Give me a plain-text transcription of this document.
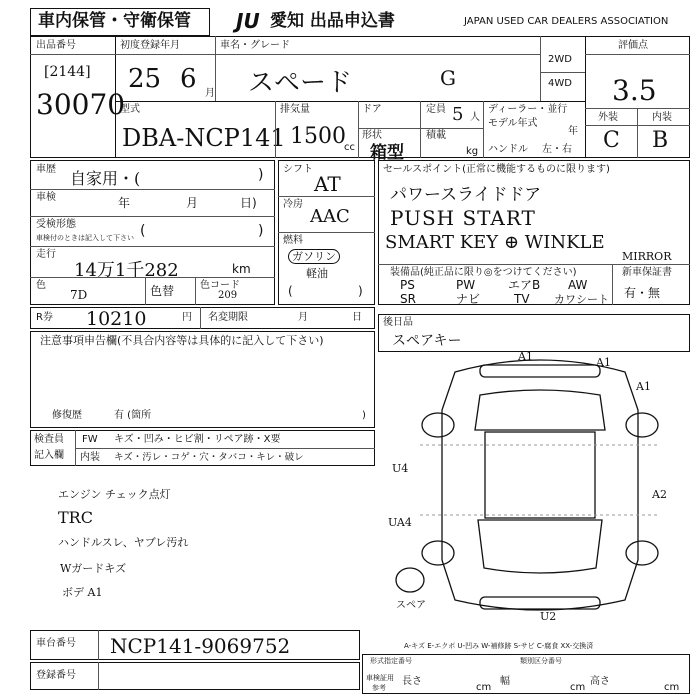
車内保管・守衛保管 JU 愛知 出品申込書	JAPAN USED CAR DEALERS ASSOCIATION
出品番号
[2144]
30070
初度登録年月
25 6 月
車名・グレード
スペード	G
2WD
4WD
評価点
3.5
外装	内装
C B
型式
DBA-NCP141
排気量
1500
cc
ドア	定員 5 人
形状
箱型
積載
kg
ディーラー・並行
モデル年式
年
ハンドル 左・右
車歴 自家用・(	)
車検	年	月	日)
受検形態
車検付のときは記入して下さい (	)
走行
14万1千282	km
色
7D	色替	色コード
209
シフト
AT
冷房
AAC
燃料
ガソリン
軽油
(	)
セールスポイント(正常に機能するものに限ります)
パワースライドドア
PUSH START
SMART KEY ⊕ WINKLE
MIRROR
装備品(純正品に限り◎をつけてください)	新車保証書
有・無
PS	PW	エアB AW
SR	ナビ	TV カワシート
R券 10210	円 名変期限	月	日
注意事項申告欄(不具合内容等は具体的に記入して下さい)
修復歴	有 (箇所	)
後日品
スペアキー
検査員
記入欄
FW キズ・凹み・ヒビ割・リペア跡・X要
内装 キズ・汚レ・コゲ・穴・タバコ・キレ・破レ
エンジン チェック点灯
TRC
ハンドルスレ、ヤブレ汚れ
Wガードキズ
ボデ A1
A1	A1
A1
U4
UA4
U2
A2
スペア
A-キズ E-エクボ U-凹み W-補修跡 S-サビ C-腐食 XX-交換済
車台番号 NCP141-9069752
登録番号
形式指定番号	類別区分番号
車検証用
参考
長さ
cm
幅
cm
高さ
cm
